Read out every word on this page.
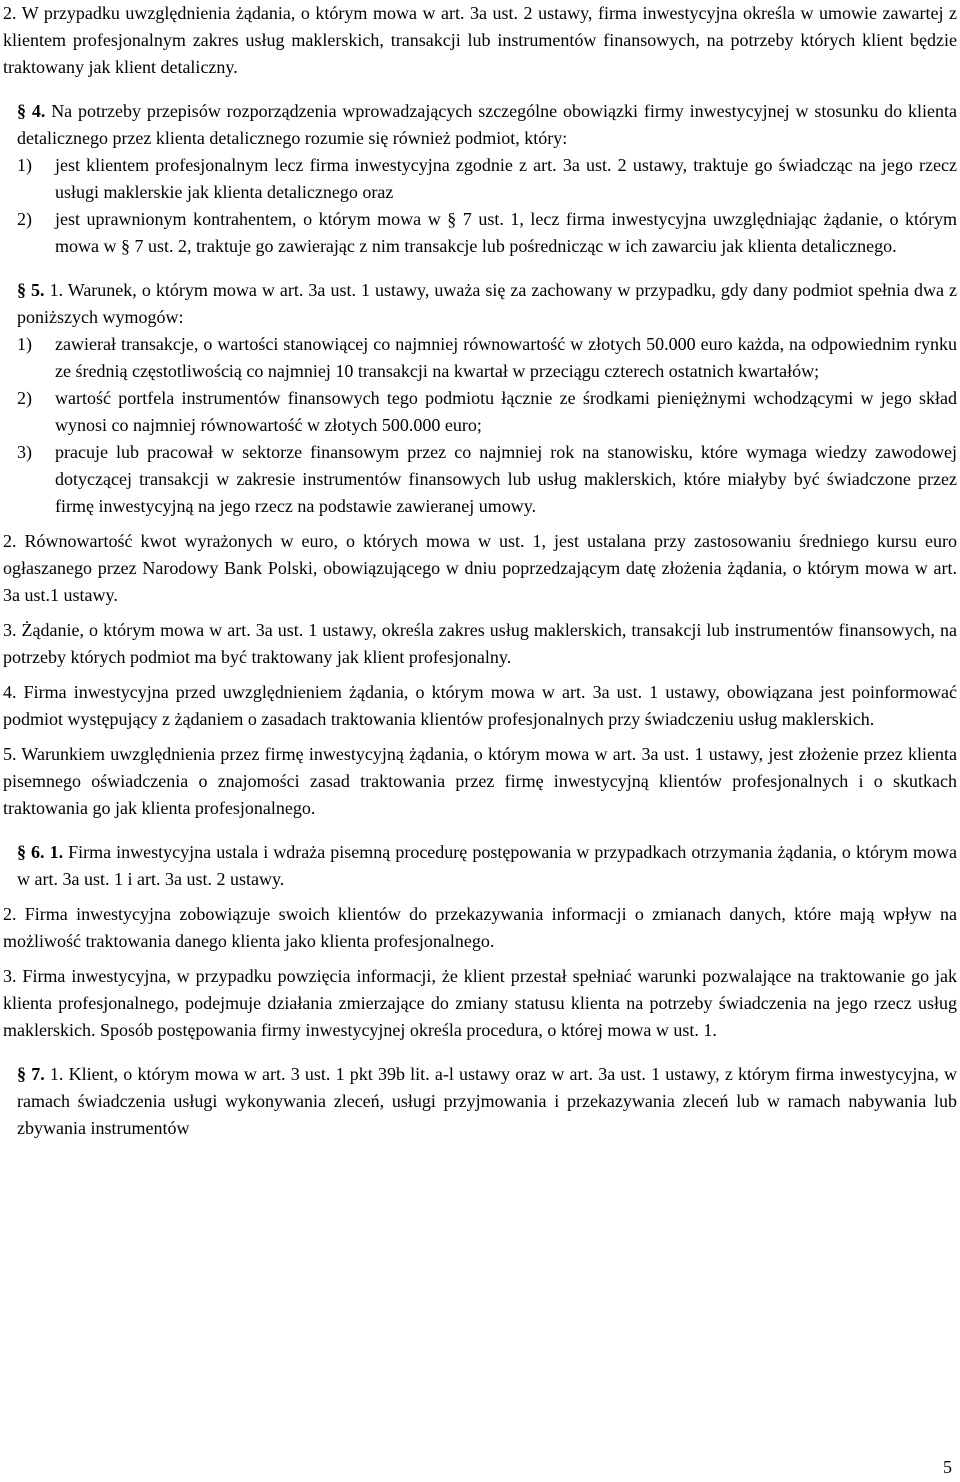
2. W przypadku uwzględnienia żądania, o którym mowa w art. 3a ust. 2 ustawy, firma inwestycyjna określa w umowie zawartej z klientem profesjonalnym zakres usług maklerskich, transakcji lub instrumentów finansowych, na potrzeby których klient będzie traktowany jak klient detaliczny.

§ 4. Na potrzeby przepisów rozporządzenia wprowadzających szczególne obowiązki firmy inwestycyjnej w stosunku do klienta detalicznego przez klienta detalicznego rozumie się również podmiot, który:

1)	jest klientem profesjonalnym lecz firma inwestycyjna zgodnie z art. 3a ust. 2 ustawy, traktuje go świadcząc na jego rzecz usługi maklerskie jak klienta detalicznego oraz
2)	jest uprawnionym kontrahentem, o którym mowa w § 7 ust. 1, lecz firma inwestycyjna uwzględniając żądanie, o którym mowa w § 7 ust. 2, traktuje go zawierając z nim transakcje lub pośrednicząc w ich zawarciu jak klienta detalicznego.

§ 5. 1. Warunek, o którym mowa w art. 3a ust. 1 ustawy, uważa się za zachowany w przypadku, gdy dany podmiot spełnia dwa z poniższych wymogów:

1)	zawierał transakcje, o wartości stanowiącej co najmniej równowartość w złotych 50.000 euro każda, na odpowiednim rynku ze średnią częstotliwością co najmniej 10 transakcji na kwartał w przeciągu czterech ostatnich kwartałów;
2)	wartość portfela instrumentów finansowych tego podmiotu łącznie ze środkami pieniężnymi wchodzącymi w jego skład wynosi co najmniej równowartość w złotych 500.000 euro;
3)	pracuje lub pracował w sektorze finansowym przez co najmniej rok na stanowisku, które wymaga wiedzy zawodowej dotyczącej transakcji w zakresie instrumentów finansowych lub usług maklerskich, które miałyby być świadczone przez firmę inwestycyjną na jego rzecz na podstawie zawieranej umowy.

2. Równowartość kwot wyrażonych w euro, o których mowa w ust. 1, jest ustalana przy zastosowaniu średniego kursu euro ogłaszanego przez Narodowy Bank Polski, obowiązującego w dniu poprzedzającym datę złożenia żądania, o którym mowa w art. 3a ust.1 ustawy.

3. Żądanie, o którym mowa w art. 3a ust. 1 ustawy, określa zakres usług maklerskich, transakcji lub instrumentów finansowych, na potrzeby których podmiot ma być traktowany jak klient profesjonalny.

4. Firma inwestycyjna przed uwzględnieniem żądania, o którym mowa w art. 3a ust. 1 ustawy, obowiązana jest poinformować podmiot występujący z żądaniem o zasadach traktowania klientów profesjonalnych przy świadczeniu usług maklerskich.

5. Warunkiem uwzględnienia przez firmę inwestycyjną żądania, o którym mowa w art. 3a ust. 1 ustawy, jest złożenie przez klienta pisemnego oświadczenia o znajomości zasad traktowania przez firmę inwestycyjną klientów profesjonalnych i o skutkach traktowania go jak klienta profesjonalnego.

§ 6. 1. Firma inwestycyjna ustala i wdraża pisemną procedurę postępowania w przypadkach otrzymania żądania, o którym mowa w art. 3a ust. 1 i art. 3a ust. 2 ustawy.

2. Firma inwestycyjna zobowiązuje swoich klientów do przekazywania informacji o zmianach danych, które mają wpływ na możliwość traktowania danego klienta jako klienta profesjonalnego.

3. Firma inwestycyjna, w przypadku powzięcia informacji, że klient przestał spełniać warunki pozwalające na traktowanie go jak klienta profesjonalnego, podejmuje działania zmierzające do zmiany statusu klienta na potrzeby świadczenia na jego rzecz usług maklerskich. Sposób postępowania firmy inwestycyjnej określa procedura, o której mowa w ust. 1.

§ 7. 1. Klient, o którym mowa w art. 3 ust. 1 pkt 39b lit. a-l ustawy oraz w art. 3a ust. 1 ustawy, z którym firma inwestycyjna, w ramach świadczenia usługi wykonywania zleceń, usługi przyjmowania i przekazywania zleceń lub w ramach nabywania lub zbywania instrumentów

5
